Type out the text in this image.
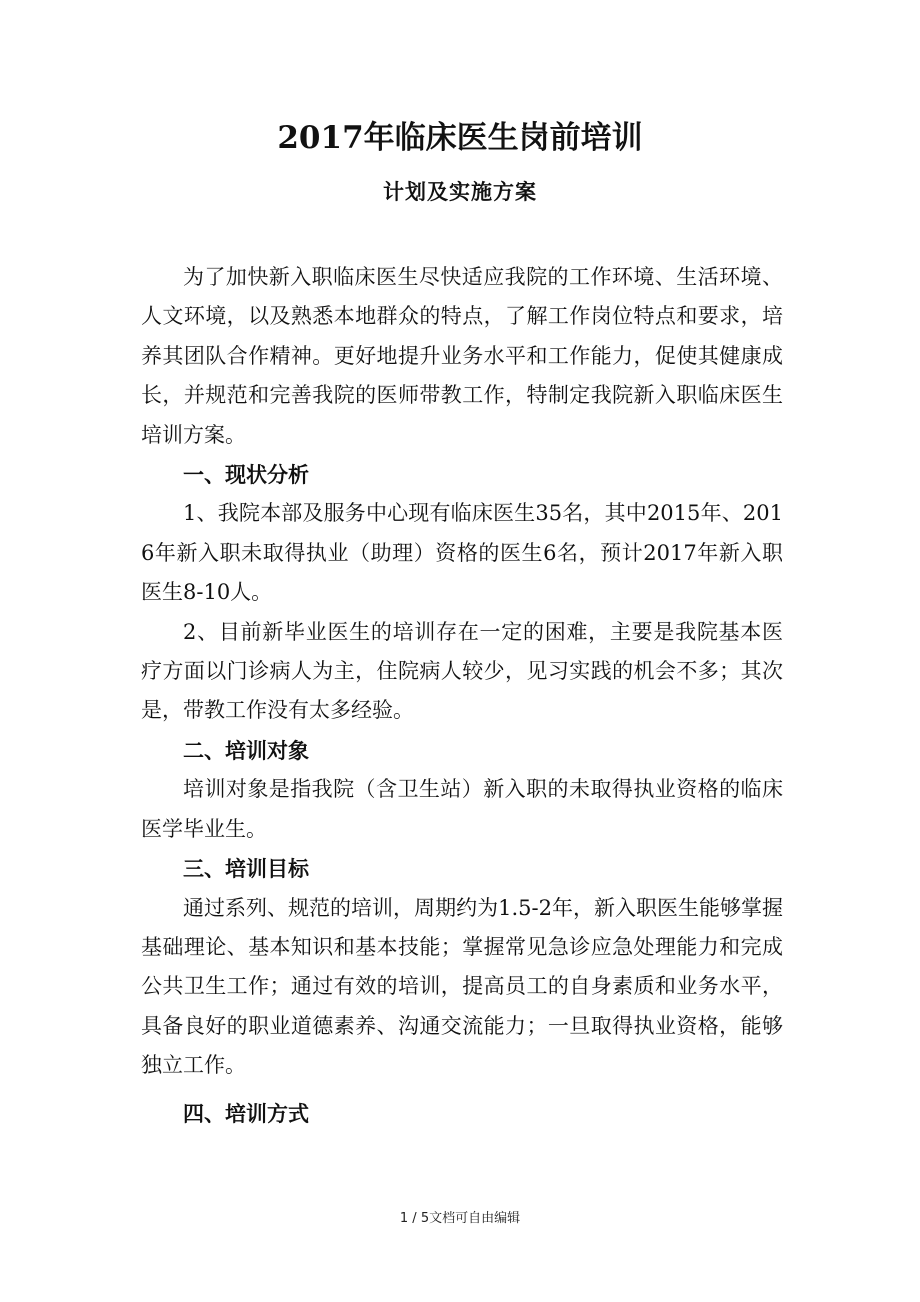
2017年临床医生岗前培训
计划及实施方案

为了加快新入职临床医生尽快适应我院的工作环境、生活环境、人文环境，以及熟悉本地群众的特点，了解工作岗位特点和要求，培养其团队合作精神。更好地提升业务水平和工作能力，促使其健康成长，并规范和完善我院的医师带教工作，特制定我院新入职临床医生培训方案。

一、现状分析

1、我院本部及服务中心现有临床医生35名，其中2015年、2016年新入职未取得执业（助理）资格的医生6名，预计2017年新入职医生8-10人。

2、目前新毕业医生的培训存在一定的困难，主要是我院基本医疗方面以门诊病人为主，住院病人较少，见习实践的机会不多；其次是，带教工作没有太多经验。

二、培训对象

培训对象是指我院（含卫生站）新入职的未取得执业资格的临床医学毕业生。

三、培训目标

通过系列、规范的培训，周期约为1.5-2年，新入职医生能够掌握基础理论、基本知识和基本技能；掌握常见急诊应急处理能力和完成公共卫生工作；通过有效的培训，提高员工的自身素质和业务水平，具备良好的职业道德素养、沟通交流能力；一旦取得执业资格，能够独立工作。

四、培训方式

1 / 5文档可自由编辑
